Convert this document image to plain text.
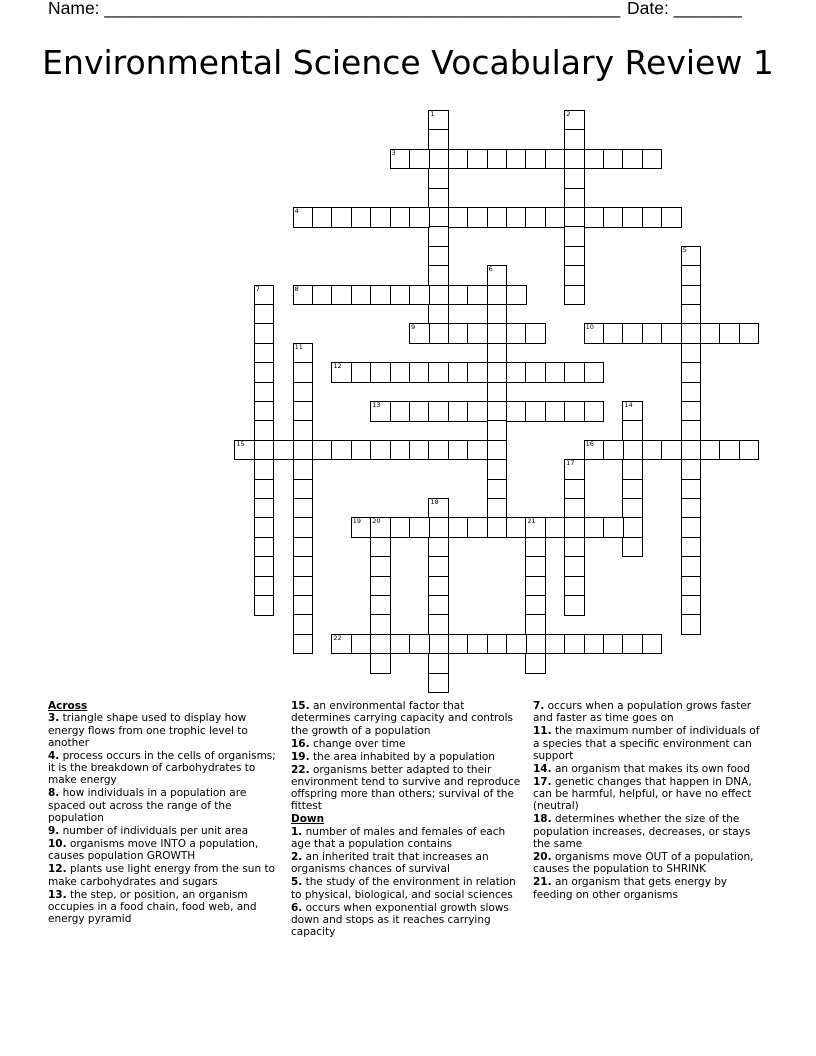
Name: _____________________________________________________ Date: _______
Environmental Science Vocabulary Review 1
1	2
3
4
5
6
7	8
9	10
11
12
13	14
15	16
17
18
19 20	21
22
Across
3. triangle shape used to display how energy flows from one trophic level to another
4. process occurs in the cells of organisms; it is the breakdown of carbohydrates to make energy
8. how individuals in a population are spaced out across the range of the population
9. number of individuals per unit area
10. organisms move INTO a population, causes population GROWTH
12. plants use light energy from the sun to make carbohydrates and sugars
13. the step, or position, an organism occupies in a food chain, food web, and energy pyramid
15. an environmental factor that determines carrying capacity and controls the growth of a population
16. change over time
19. the area inhabited by a population
22. organisms better adapted to their environment tend to survive and reproduce offspring more than others; survival of the fittest
Down
1. number of males and females of each age that a population contains
2. an inherited trait that increases an organisms chances of survival
5. the study of the environment in relation to physical, biological, and social sciences
6. occurs when exponential growth slows down and stops as it reaches carrying capacity
7. occurs when a population grows faster and faster as time goes on
11. the maximum number of individuals of a species that a specific environment can support
14. an organism that makes its own food
17. genetic changes that happen in DNA, can be harmful, helpful, or have no effect (neutral)
18. determines whether the size of the population increases, decreases, or stays the same
20. organisms move OUT of a population, causes the population to SHRINK
21. an organism that gets energy by feeding on other organisms
